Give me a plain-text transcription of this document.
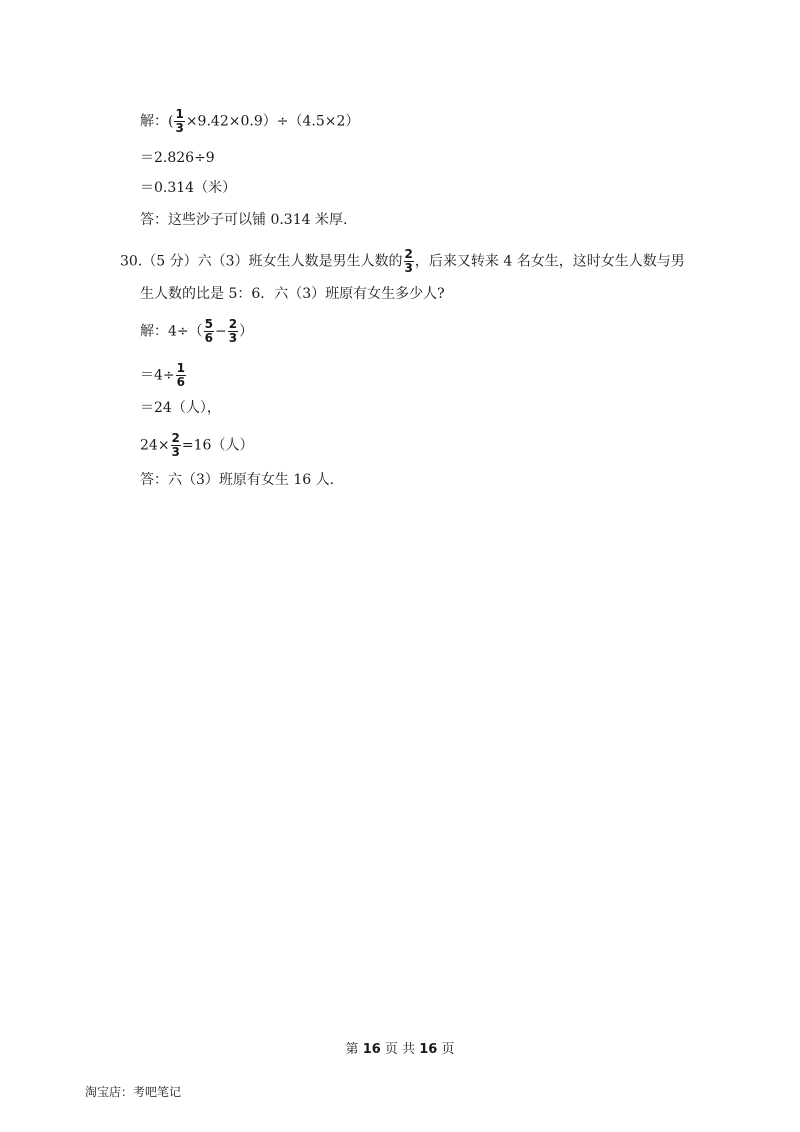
解：( $\frac{1}{3} \times 9.42\times 0.9)\div(4.5\times 2)$
＝2.826÷9
＝0.314（米）
答：这些沙子可以铺 0.314 米厚.
30.（5 分）六（3）班女生人数是男生人数的 $\frac{2}{3}$ ，后来又转来 4 名女生，这时女生人数与男
生人数的比是 5：6．六（3）班原有女生多少人?
解：$4\div( \frac{5}{6} - \frac{2}{3}$ ）
$=4\div \frac{1}{6}$
＝24（人），
$24\times \frac{2}{3} =16$（人）
答：六（3）班原有女生 16 人.
第 16 页 共 16 页
淘宝店：考吧笔记
